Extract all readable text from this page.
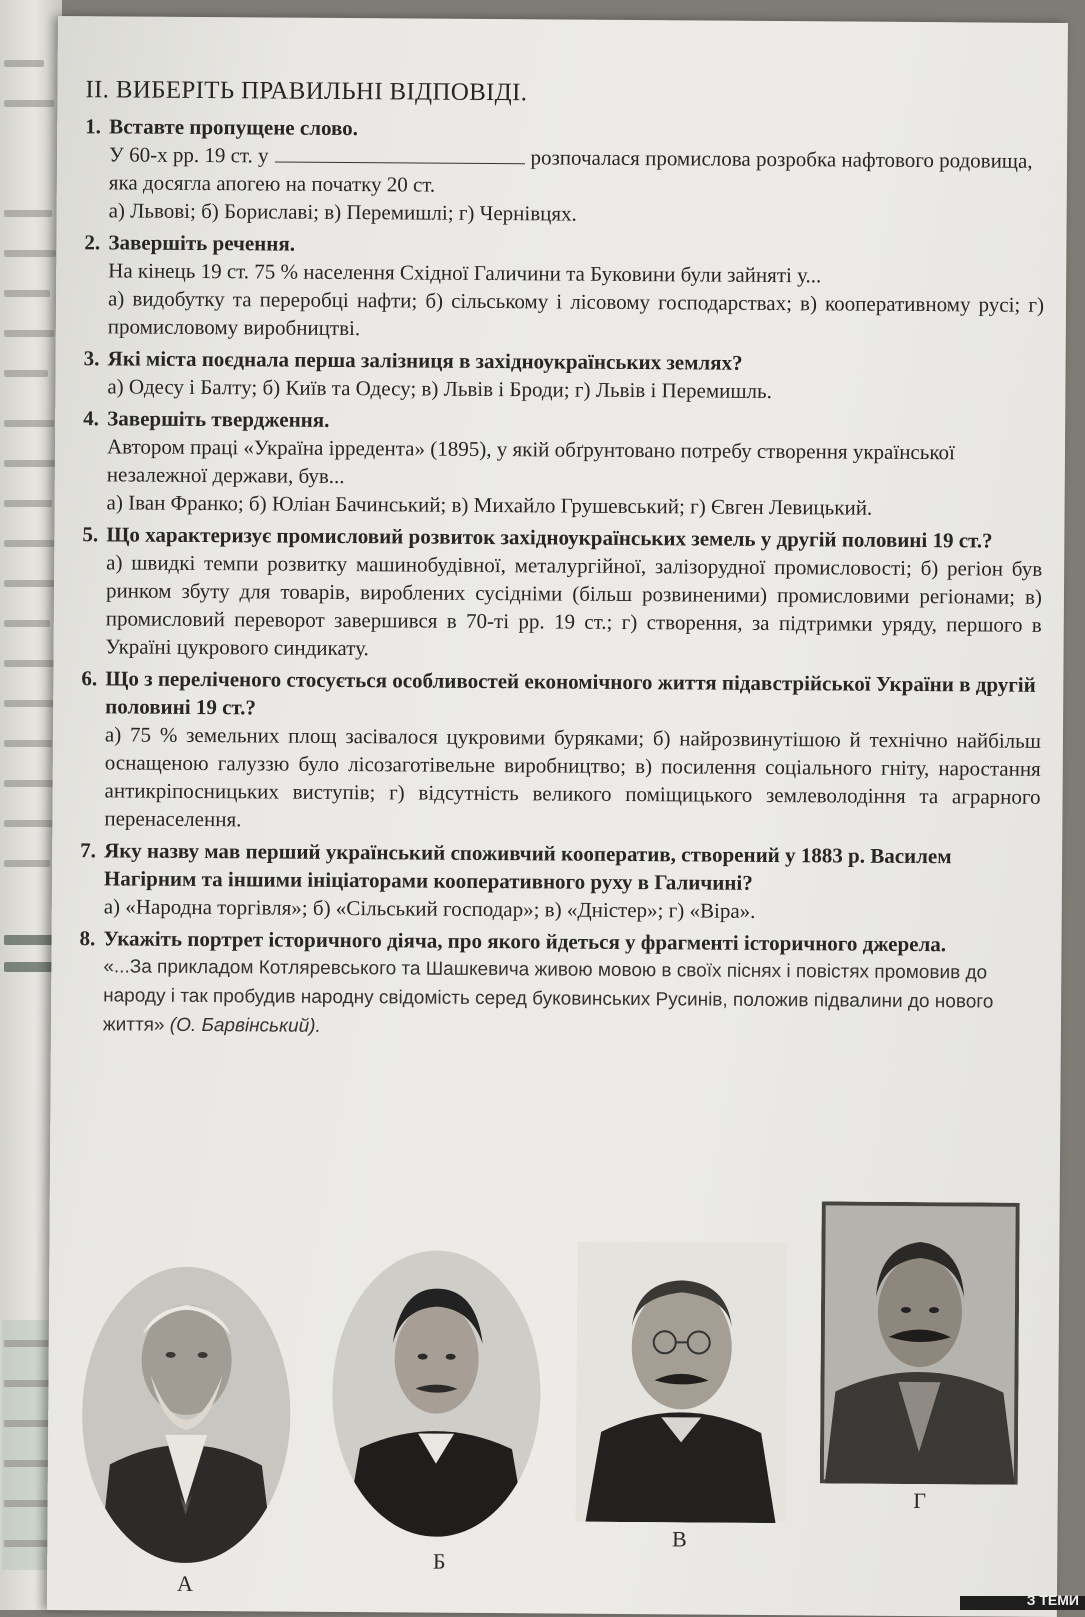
ІІ. ВИБЕРІТЬ ПРАВИЛЬНІ ВІДПОВІДІ.
1. Вставте пропущене слово.

У 60-х рр. 19 ст. у	розпочалася промислова розробка нафтового родовища, яка досягла апогею на початку 20 ст.

а) Львові; б) Бориславі; в) Перемишлі; г) Чернівцях.

2. Завершіть речення.

На кінець 19 ст. 75 % населення Східної Галичини та Буковини були зайняті у...

а) видобутку та переробці нафти; б) сільському і лісовому господарствах; в) кооперативному русі; г) промисловому виробництві.

3. Які міста поєднала перша залізниця в західноукраїнських землях?

а) Одесу і Балту; б) Київ та Одесу; в) Львів і Броди; г) Львів і Перемишль.

4. Завершіть твердження.

Автором праці «Україна ірредента» (1895), у якій обґрунтовано потребу створення української незалежної держави, був...

а) Іван Франко; б) Юліан Бачинський; в) Михайло Грушевський; г) Євген Левицький.

5. Що характеризує промисловий розвиток західноукраїнських земель у другій половині 19 ст.?

а) швидкі темпи розвитку машинобудівної, металургійної, залізорудної промисловості; б) регіон був ринком збуту для товарів, вироблених сусідніми (більш розвиненими) промисловими регіонами; в) промисловий переворот завершився в 70-ті рр. 19 ст.; г) створення, за підтримки уряду, першого в Україні цукрового синдикату.

6. Що з переліченого стосується особливостей економічного життя підавстрійської України в другій половині 19 ст.?

а) 75 % земельних площ засівалося цукровими буряками; б) найрозвинутішою й технічно найбільш оснащеною галуззю було лісозаготівельне виробництво; в) посилення соціального гніту, наростання антикріпосницьких виступів; г) відсутність великого поміщицького землеволодіння та аграрного перенаселення.

7. Яку назву мав перший український споживчий кооператив, створений у 1883 р. Василем Нагірним та іншими ініціаторами кооперативного руху в Галичині?

а) «Народна торгівля»; б) «Сільський господар»; в) «Дністер»; г) «Віра».

8. Укажіть портрет історичного діяча, про якого йдеться у фрагменті історичного джерела.
«...За прикладом Котляревського та Шашкевича живою мовою в своїх піснях і повістях промовив до народу і так пробудив народну свідомість серед буковинських Русинів, положив підвалини до нового життя» (О. Барвінський).
А
Б
В
Г
З ТЕМИ
